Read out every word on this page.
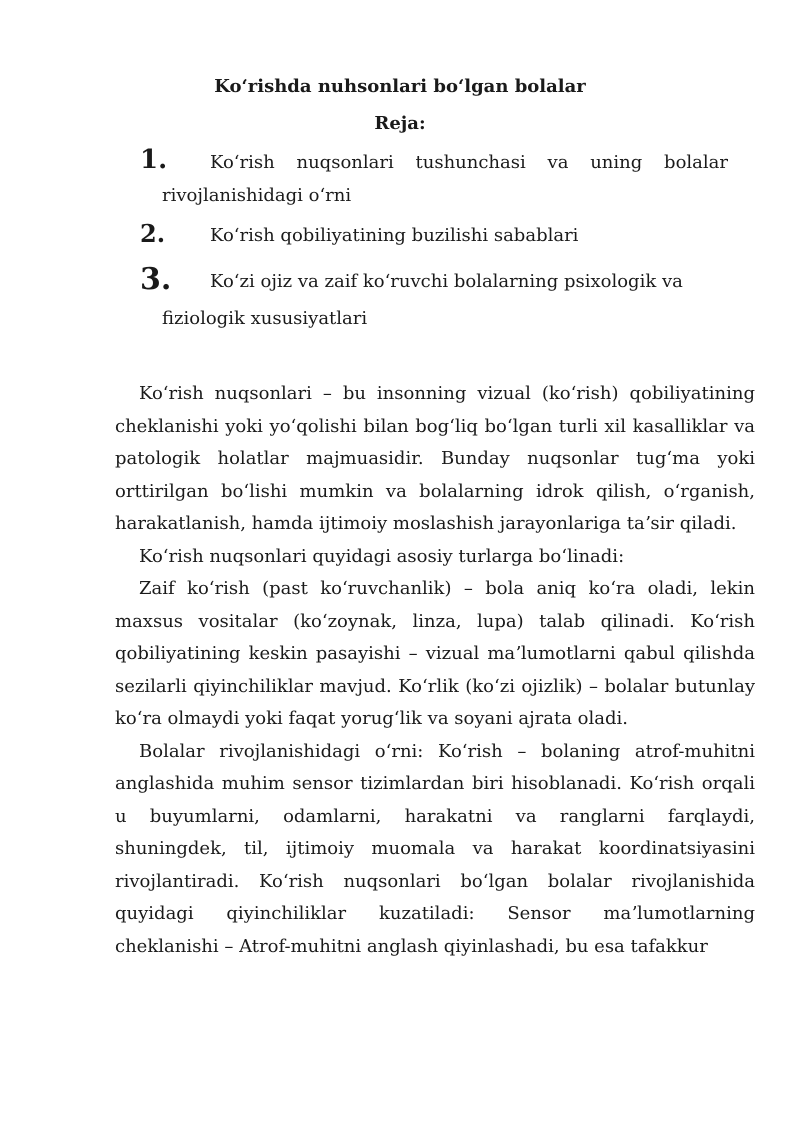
Koʻrishda nuhsonlari boʻlgan bolalar
Reja:
1. Koʻrish nuqsonlari tushunchasi va uning bolalar
rivojlanishidagi oʻrni
2. Koʻrish qobiliyatining buzilishi sabablari
3. Koʻzi ojiz va zaif koʻruvchi bolalarning psixologik va
fiziologik xususiyatlari

Koʻrish nuqsonlari – bu insonning vizual (koʻrish) qobiliyatining cheklanishi yoki yoʻqolishi bilan bogʻliq boʻlgan turli xil kasalliklar va patologik holatlar majmuasidir. Bunday nuqsonlar tugʻma yoki orttirilgan boʻlishi mumkin va bolalarning idrok qilish, oʻrganish, harakatlanish, hamda ijtimoiy moslashish jarayonlariga taʼsir qiladi.

Koʻrish nuqsonlari quyidagi asosiy turlarga boʻlinadi:

Zaif koʻrish (past koʻruvchanlik) – bola aniq koʻra oladi, lekin maxsus vositalar (koʻzoynak, linza, lupa) talab qilinadi. Koʻrish qobiliyatining keskin pasayishi – vizual maʼlumotlarni qabul qilishda sezilarli qiyinchiliklar mavjud. Koʻrlik (koʻzi ojizlik) – bolalar butunlay koʻra olmaydi yoki faqat yorugʻlik va soyani ajrata oladi.

Bolalar rivojlanishidagi oʻrni: Koʻrish – bolaning atrof-muhitni anglashida muhim sensor tizimlardan biri hisoblanadi. Koʻrish orqali u buyumlarni, odamlarni, harakatni va ranglarni farqlaydi, shuningdek, til, ijtimoiy muomala va harakat koordinatsiyasini rivojlantiradi. Koʻrish nuqsonlari boʻlgan bolalar rivojlanishida quyidagi qiyinchiliklar kuzatiladi: Sensor maʼlumotlarning cheklanishi – Atrof-muhitni anglash qiyinlashadi, bu esa tafakkur
